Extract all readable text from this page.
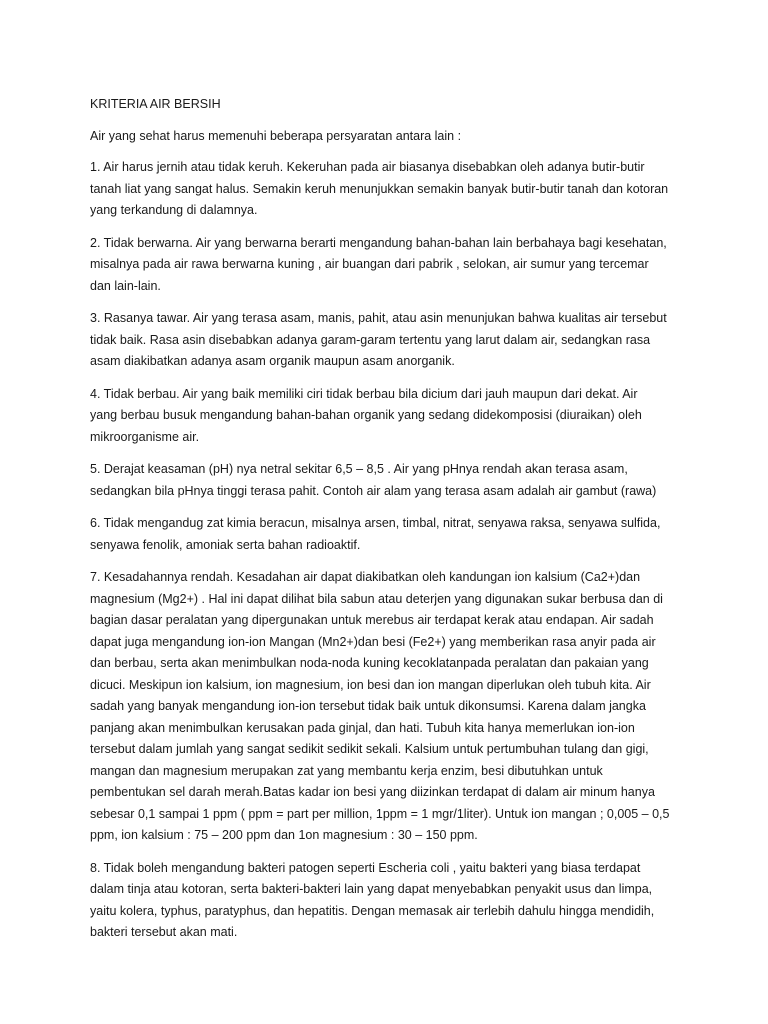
KRITERIA AIR BERSIH
Air yang sehat harus memenuhi beberapa persyaratan antara lain :
1. Air harus jernih atau tidak keruh. Kekeruhan pada air biasanya disebabkan oleh adanya butir-butir
tanah liat yang sangat halus. Semakin keruh menunjukkan semakin banyak butir-butir tanah dan kotoran
yang terkandung di dalamnya.
2. Tidak berwarna. Air yang berwarna berarti mengandung bahan-bahan lain berbahaya bagi kesehatan,
misalnya pada air rawa berwarna kuning , air buangan dari pabrik , selokan, air sumur yang tercemar
dan lain-lain.
3. Rasanya tawar. Air yang terasa asam, manis, pahit, atau asin menunjukan bahwa kualitas air tersebut
tidak baik. Rasa asin disebabkan adanya garam-garam tertentu yang larut dalam air, sedangkan rasa
asam diakibatkan adanya asam organik maupun asam anorganik.
4. Tidak berbau. Air yang baik memiliki ciri tidak berbau bila dicium dari jauh maupun dari dekat. Air
yang berbau busuk mengandung bahan-bahan organik yang sedang didekomposisi (diuraikan) oleh
mikroorganisme air.
5. Derajat keasaman (pH) nya netral sekitar 6,5 – 8,5 . Air yang pHnya rendah akan terasa asam,
sedangkan bila pHnya tinggi terasa pahit. Contoh air alam yang terasa asam adalah air gambut (rawa)
6. Tidak mengandug zat kimia beracun, misalnya arsen, timbal, nitrat, senyawa raksa, senyawa sulfida,
senyawa fenolik, amoniak serta bahan radioaktif.
7. Kesadahannya rendah. Kesadahan air dapat diakibatkan oleh kandungan ion kalsium (Ca2+)dan
magnesium (Mg2+) . Hal ini dapat dilihat bila sabun atau deterjen yang digunakan sukar berbusa dan di
bagian dasar peralatan yang dipergunakan untuk merebus air terdapat kerak atau endapan. Air sadah
dapat juga mengandung ion-ion Mangan (Mn2+)dan besi (Fe2+) yang memberikan rasa anyir pada air
dan berbau, serta akan menimbulkan noda-noda kuning kecoklatanpada peralatan dan pakaian yang
dicuci. Meskipun ion kalsium, ion magnesium, ion besi dan ion mangan diperlukan oleh tubuh kita. Air
sadah yang banyak mengandung ion-ion tersebut tidak baik untuk dikonsumsi. Karena dalam jangka
panjang akan menimbulkan kerusakan pada ginjal, dan hati. Tubuh kita hanya memerlukan ion-ion
tersebut dalam jumlah yang sangat sedikit sedikit sekali. Kalsium untuk pertumbuhan tulang dan gigi,
mangan dan magnesium merupakan zat yang membantu kerja enzim, besi dibutuhkan untuk
pembentukan sel darah merah.Batas kadar ion besi yang diizinkan terdapat di dalam air minum hanya
sebesar 0,1 sampai 1 ppm ( ppm = part per million, 1ppm = 1 mgr/1liter). Untuk ion mangan ; 0,005 – 0,5
ppm, ion kalsium : 75 – 200 ppm dan 1on magnesium : 30 – 150 ppm.
8. Tidak boleh mengandung bakteri patogen seperti Escheria coli , yaitu bakteri yang biasa terdapat
dalam tinja atau kotoran, serta bakteri-bakteri lain yang dapat menyebabkan penyakit usus dan limpa,
yaitu kolera, typhus, paratyphus, dan hepatitis. Dengan memasak air terlebih dahulu hingga mendidih,
bakteri tersebut akan mati.
